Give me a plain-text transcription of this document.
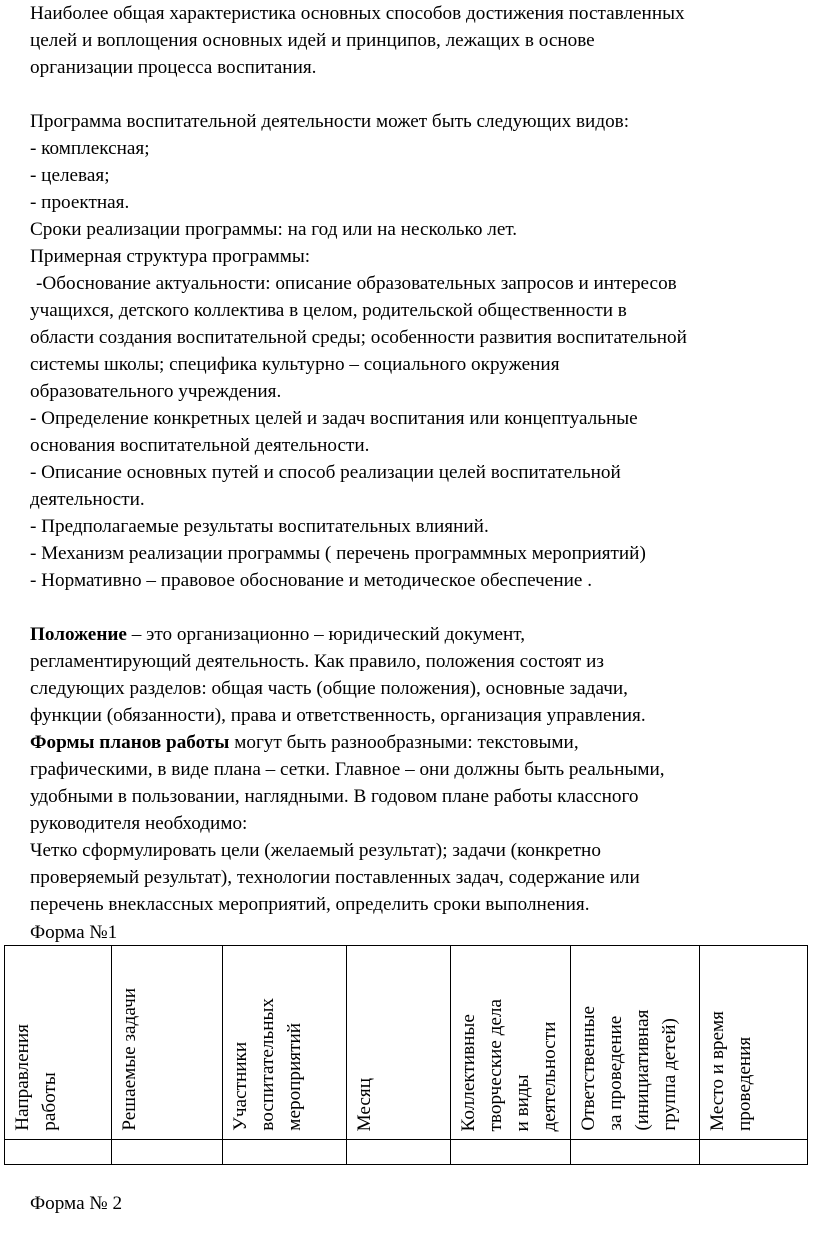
Наиболее общая характеристика основных способов достижения поставленных

целей и воплощения основных идей и принципов, лежащих в основе

организации процесса воспитания.

Программа воспитательной деятельности может быть следующих видов:

- комплексная;

- целевая;

- проектная.

Сроки реализации программы: на год или на несколько лет.

Примерная структура программы:

-Обоснование актуальности: описание образовательных запросов и интересов

учащихся, детского коллектива в целом, родительской общественности в

области создания воспитательной среды; особенности развития воспитательной

системы школы; специфика культурно – социального окружения

образовательного учреждения.

- Определение конкретных целей и задач воспитания или концептуальные

основания воспитательной деятельности.

- Описание основных путей и способ реализации целей воспитательной

деятельности.

- Предполагаемые результаты воспитательных влияний.

- Механизм реализации программы ( перечень программных мероприятий)

- Нормативно – правовое обоснование и методическое обеспечение .

Положение – это организационно – юридический документ,

регламентирующий деятельность. Как правило, положения состоят из

следующих разделов: общая часть (общие положения), основные задачи,

функции (обязанности), права и ответственность, организация управления.

Формы планов работы могут быть разнообразными: текстовыми,

графическими, в виде плана – сетки. Главное – они должны быть реальными,

удобными в пользовании, наглядными. В годовом плане работы классного

руководителя необходимо:

Четко сформулировать цели (желаемый результат); задачи (конкретно

проверяемый результат), технологии поставленных задач, содержание или

перечень внеклассных мероприятий, определить сроки выполнения.

Форма №1
Направления работы	Решаемые задачи	Участники воспитательных мероприятий	Месяц	Коллективные творческие дела и виды деятельности	Ответственные за проведение (инициативная группа детей)	Место и время проведения

Форма № 2
